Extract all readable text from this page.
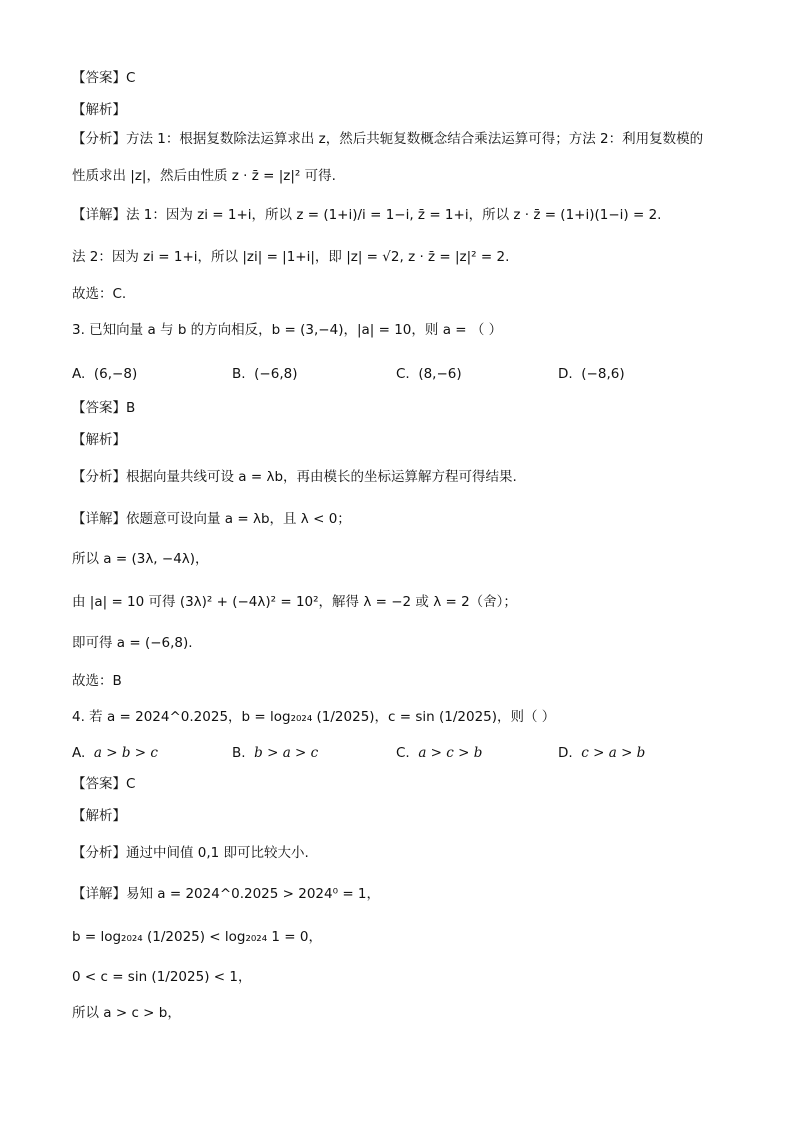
【答案】C
【解析】
【分析】方法 1：根据复数除法运算求出 z，然后共轭复数概念结合乘法运算可得；方法 2：利用复数模的
性质求出 |z|，然后由性质 z · z̄ = |z|² 可得.
【详解】法 1：因为 zi = 1+i，所以 z = (1+i)/i = 1−i, z̄ = 1+i，所以 z · z̄ = (1+i)(1−i) = 2.
法 2：因为 zi = 1+i，所以 |zi| = |1+i|，即 |z| = √2, z · z̄ = |z|² = 2.
故选：C.
3. 已知向量 a 与 b 的方向相反，b = (3,−4)，|a| = 10，则 a = （ ）
【答案】B
【解析】
【分析】根据向量共线可设 a = λb，再由模长的坐标运算解方程可得结果.
【详解】依题意可设向量 a = λb，且 λ < 0；
所以 a = (3λ, −4λ)，
由 |a| = 10 可得 (3λ)² + (−4λ)² = 10²，解得 λ = −2 或 λ = 2（舍）；
即可得 a = (−6,8).
故选：B
4. 若 a = 2024^0.2025，b = log₂₀₂₄ (1/2025)，c = sin (1/2025)，则（ ）
【答案】C
【解析】
【分析】通过中间值 0,1 即可比较大小.
【详解】易知 a = 2024^0.2025 > 2024⁰ = 1，
b = log₂₀₂₄ (1/2025) < log₂₀₂₄ 1 = 0，
0 < c = sin (1/2025) < 1，
所以 a > c > b，
A. (6,−8)	B. (−6,8)	C. (8,−6)	D. (−8,6)
A. a > b > c	B. b > a > c	C. a > c > b	D. c > a > b
